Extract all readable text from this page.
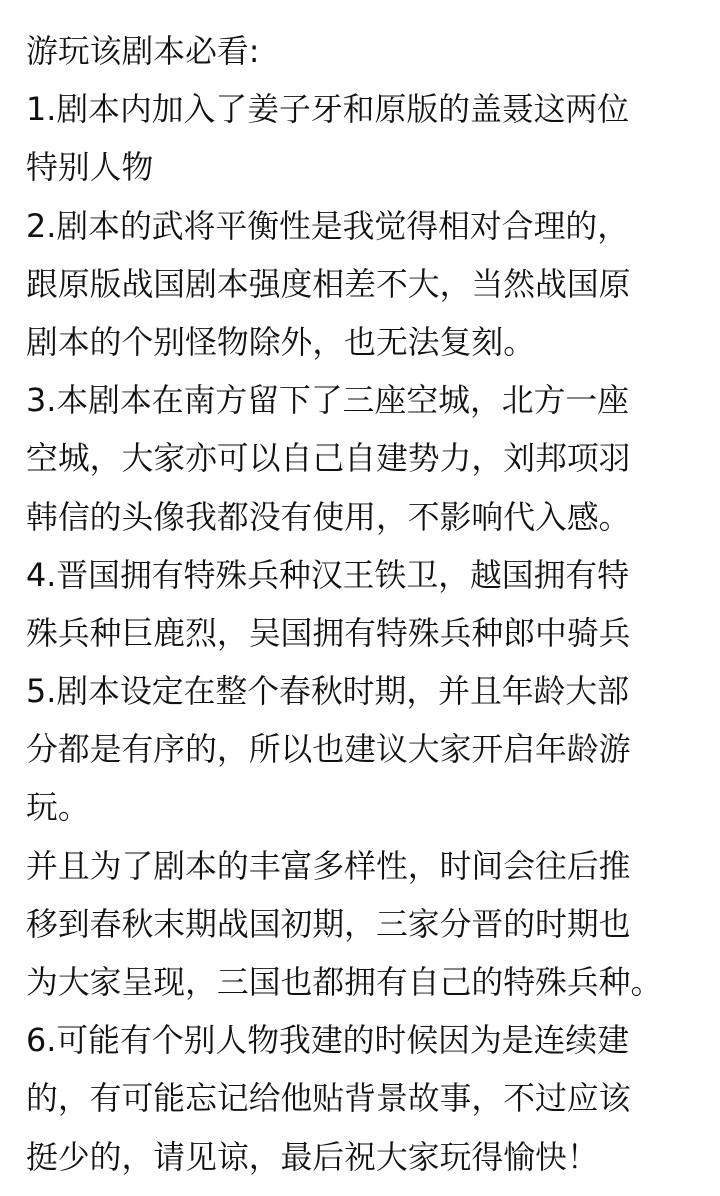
游玩该剧本必看:
1.剧本内加入了姜子牙和原版的盖聂这两位
特别人物
2.剧本的武将平衡性是我觉得相对合理的，
跟原版战国剧本强度相差不大，当然战国原
剧本的个别怪物除外，也无法复刻。
3.本剧本在南方留下了三座空城，北方一座
空城，大家亦可以自己自建势力，刘邦项羽
韩信的头像我都没有使用，不影响代入感。
4.晋国拥有特殊兵种汉王铁卫，越国拥有特
殊兵种巨鹿烈，吴国拥有特殊兵种郎中骑兵
5.剧本设定在整个春秋时期，并且年龄大部
分都是有序的，所以也建议大家开启年龄游
玩。
并且为了剧本的丰富多样性，时间会往后推
移到春秋末期战国初期，三家分晋的时期也
为大家呈现，三国也都拥有自己的特殊兵种。
6.可能有个别人物我建的时候因为是连续建
的，有可能忘记给他贴背景故事，不过应该
挺少的，请见谅，最后祝大家玩得愉快！
